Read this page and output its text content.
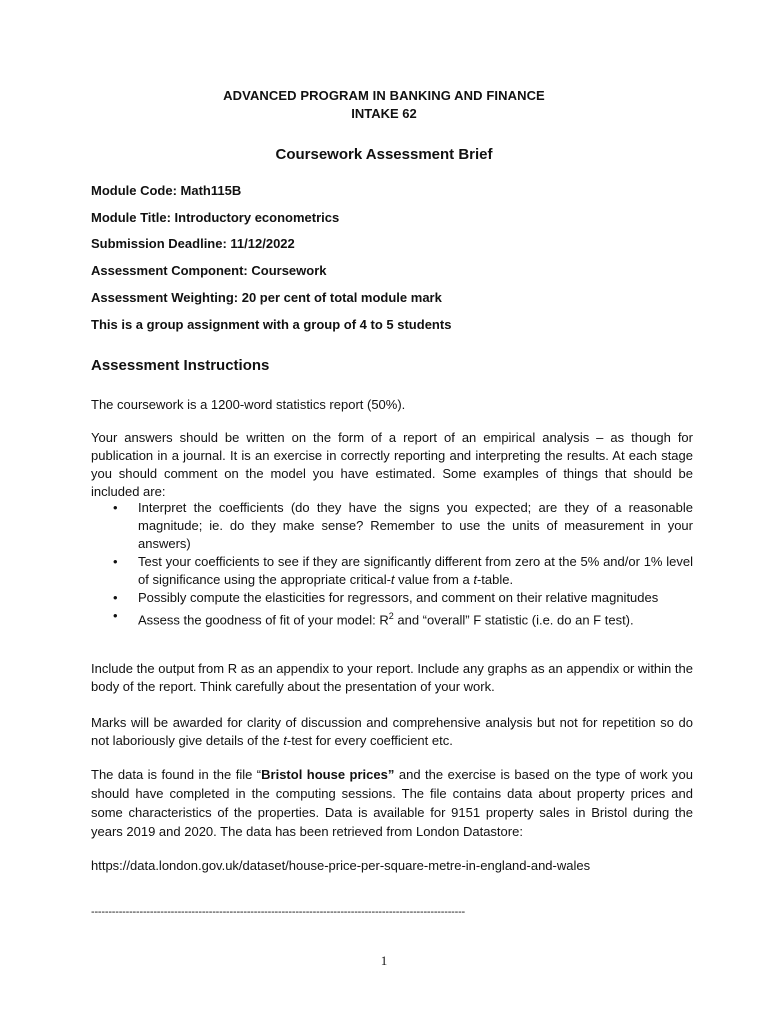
ADVANCED PROGRAM IN BANKING AND FINANCE
INTAKE 62
Coursework Assessment Brief
Module Code: Math115B
Module Title: Introductory econometrics
Submission Deadline: 11/12/2022
Assessment Component: Coursework
Assessment Weighting: 20 per cent of total module mark
This is a group assignment with a group of 4 to 5 students
Assessment Instructions
The coursework is a 1200-word statistics report (50%).
Your answers should be written on the form of a report of an empirical analysis – as though for publication in a journal. It is an exercise in correctly reporting and interpreting the results. At each stage you should comment on the model you have estimated. Some examples of things that should be included are:
• Interpret the coefficients (do they have the signs you expected; are they of a reasonable magnitude; ie. do they make sense? Remember to use the units of measurement in your answers)
• Test your coefficients to see if they are significantly different from zero at the 5% and/or 1% level of significance using the appropriate critical-t value from a t-table.
• Possibly compute the elasticities for regressors, and comment on their relative magnitudes
• Assess the goodness of fit of your model: $R^2$ and “overall” F statistic (i.e. do an F test).
Include the output from R as an appendix to your report. Include any graphs as an appendix or within the body of the report. Think carefully about the presentation of your work.
Marks will be awarded for clarity of discussion and comprehensive analysis but not for repetition so do not laboriously give details of the t-test for every coefficient etc.
The data is found in the file “Bristol house prices” and the exercise is based on the type of work you should have completed in the computing sessions. The file contains data about property prices and some characteristics of the properties. Data is available for 9151 property sales in Bristol during the years 2019 and 2020. The data has been retrieved from London Datastore:
https://data.london.gov.uk/dataset/house-price-per-square-metre-in-england-and-wales
------------------------------------------------------------------------------------------------------------
1
